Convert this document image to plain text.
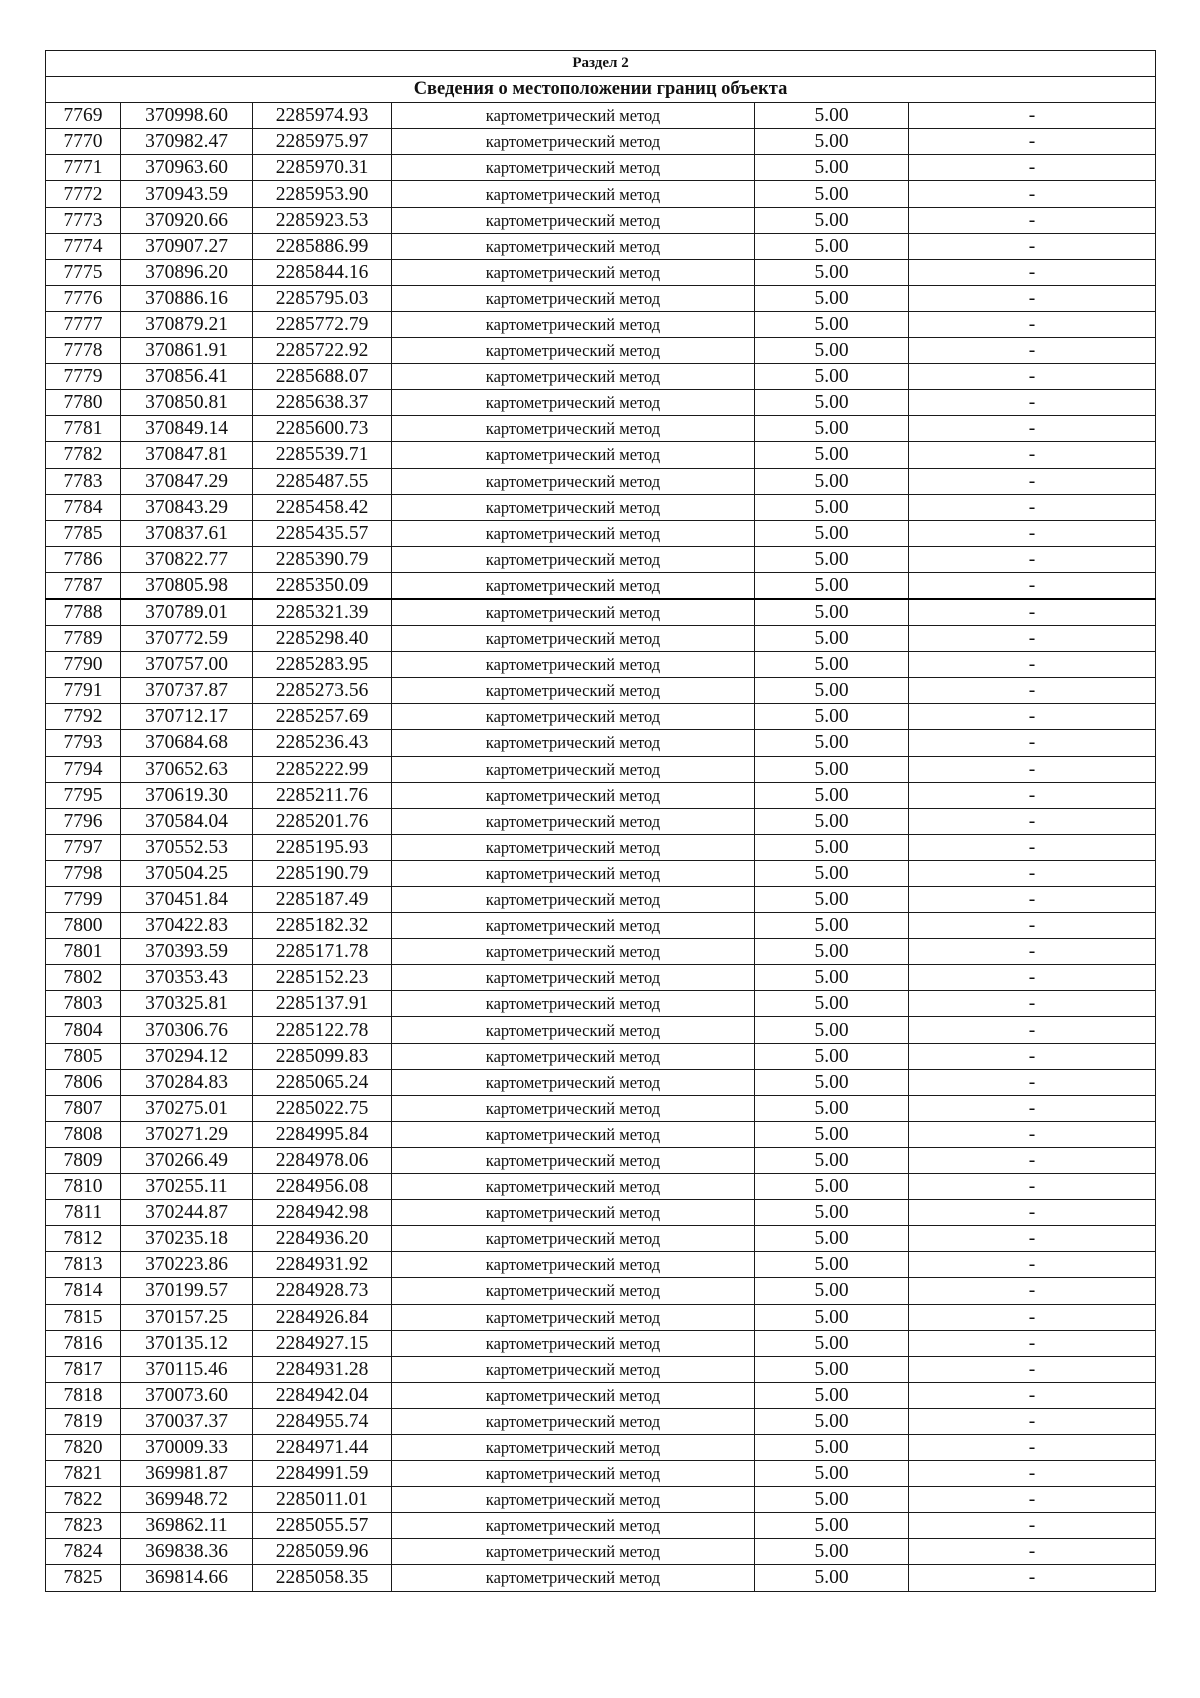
Раздел 2					
Сведения о местоположении границ объекта					
7769	370998.60	2285974.93	картометрический метод	5.00	-
7770	370982.47	2285975.97	картометрический метод	5.00	-
7771	370963.60	2285970.31	картометрический метод	5.00	-
7772	370943.59	2285953.90	картометрический метод	5.00	-
7773	370920.66	2285923.53	картометрический метод	5.00	-
7774	370907.27	2285886.99	картометрический метод	5.00	-
7775	370896.20	2285844.16	картометрический метод	5.00	-
7776	370886.16	2285795.03	картометрический метод	5.00	-
7777	370879.21	2285772.79	картометрический метод	5.00	-
7778	370861.91	2285722.92	картометрический метод	5.00	-
7779	370856.41	2285688.07	картометрический метод	5.00	-
7780	370850.81	2285638.37	картометрический метод	5.00	-
7781	370849.14	2285600.73	картометрический метод	5.00	-
7782	370847.81	2285539.71	картометрический метод	5.00	-
7783	370847.29	2285487.55	картометрический метод	5.00	-
7784	370843.29	2285458.42	картометрический метод	5.00	-
7785	370837.61	2285435.57	картометрический метод	5.00	-
7786	370822.77	2285390.79	картометрический метод	5.00	-
7787	370805.98	2285350.09	картометрический метод	5.00	-
7788	370789.01	2285321.39	картометрический метод	5.00	-
7789	370772.59	2285298.40	картометрический метод	5.00	-
7790	370757.00	2285283.95	картометрический метод	5.00	-
7791	370737.87	2285273.56	картометрический метод	5.00	-
7792	370712.17	2285257.69	картометрический метод	5.00	-
7793	370684.68	2285236.43	картометрический метод	5.00	-
7794	370652.63	2285222.99	картометрический метод	5.00	-
7795	370619.30	2285211.76	картометрический метод	5.00	-
7796	370584.04	2285201.76	картометрический метод	5.00	-
7797	370552.53	2285195.93	картометрический метод	5.00	-
7798	370504.25	2285190.79	картометрический метод	5.00	-
7799	370451.84	2285187.49	картометрический метод	5.00	-
7800	370422.83	2285182.32	картометрический метод	5.00	-
7801	370393.59	2285171.78	картометрический метод	5.00	-
7802	370353.43	2285152.23	картометрический метод	5.00	-
7803	370325.81	2285137.91	картометрический метод	5.00	-
7804	370306.76	2285122.78	картометрический метод	5.00	-
7805	370294.12	2285099.83	картометрический метод	5.00	-
7806	370284.83	2285065.24	картометрический метод	5.00	-
7807	370275.01	2285022.75	картометрический метод	5.00	-
7808	370271.29	2284995.84	картометрический метод	5.00	-
7809	370266.49	2284978.06	картометрический метод	5.00	-
7810	370255.11	2284956.08	картометрический метод	5.00	-
7811	370244.87	2284942.98	картометрический метод	5.00	-
7812	370235.18	2284936.20	картометрический метод	5.00	-
7813	370223.86	2284931.92	картометрический метод	5.00	-
7814	370199.57	2284928.73	картометрический метод	5.00	-
7815	370157.25	2284926.84	картометрический метод	5.00	-
7816	370135.12	2284927.15	картометрический метод	5.00	-
7817	370115.46	2284931.28	картометрический метод	5.00	-
7818	370073.60	2284942.04	картометрический метод	5.00	-
7819	370037.37	2284955.74	картометрический метод	5.00	-
7820	370009.33	2284971.44	картометрический метод	5.00	-
7821	369981.87	2284991.59	картометрический метод	5.00	-
7822	369948.72	2285011.01	картометрический метод	5.00	-
7823	369862.11	2285055.57	картометрический метод	5.00	-
7824	369838.36	2285059.96	картометрический метод	5.00	-
7825	369814.66	2285058.35	картометрический метод	5.00	-
